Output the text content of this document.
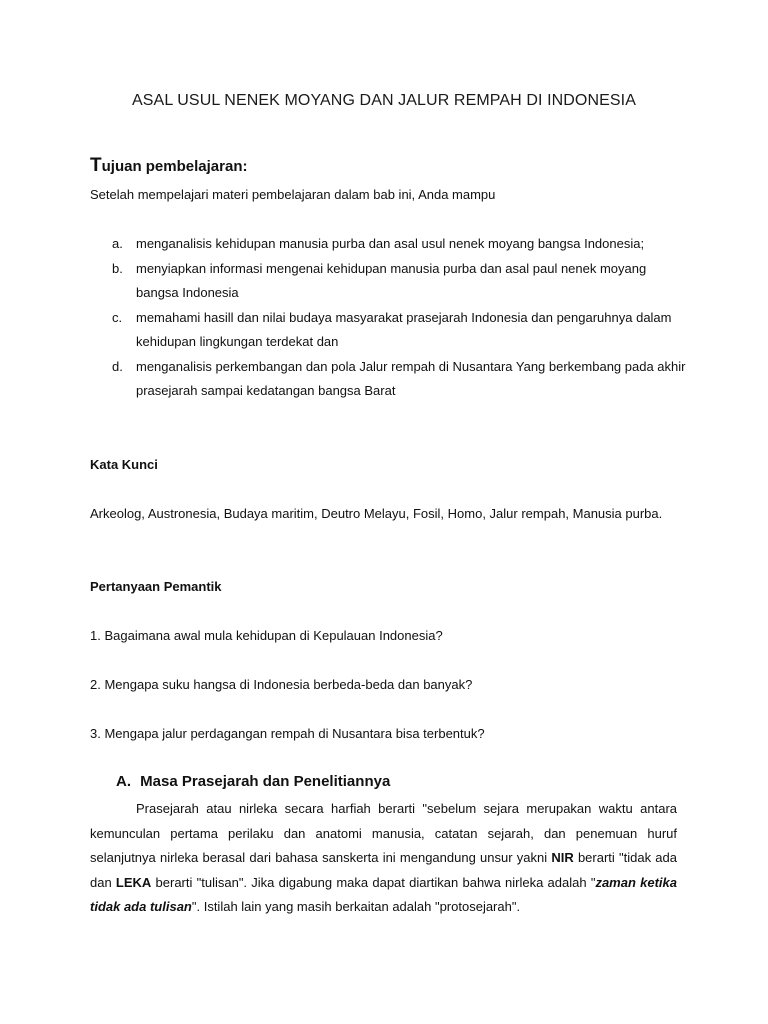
ASAL USUL NENEK MOYANG DAN JALUR REMPAH DI INDONESIA
Tujuan pembelajaran:
Setelah mempelajari materi pembelajaran dalam bab ini, Anda mampu
a. menganalisis kehidupan manusia purba dan asal usul nenek moyang bangsa Indonesia;
b. menyiapkan informasi mengenai kehidupan manusia purba dan asal paul nenek moyang bangsa Indonesia
c. memahami hasill dan nilai budaya masyarakat prasejarah Indonesia dan pengaruhnya dalam kehidupan lingkungan terdekat dan
d. menganalisis perkembangan dan pola Jalur rempah di Nusantara Yang berkembang pada akhir prasejarah sampai kedatangan bangsa Barat
Kata Kunci
Arkeolog, Austronesia, Budaya maritim, Deutro Melayu, Fosil, Homo, Jalur rempah, Manusia purba.
Pertanyaan Pemantik
1. Bagaimana awal mula kehidupan di Kepulauan Indonesia?
2. Mengapa suku hangsa di Indonesia berbeda-beda dan banyak?
3. Mengapa jalur perdagangan rempah di Nusantara bisa terbentuk?
A. Masa Prasejarah dan Penelitiannya

Prasejarah atau nirleka secara harfiah berarti "sebelum sejara merupakan waktu antara kemunculan pertama perilaku dan anatomi manusia, catatan sejarah, dan penemuan huruf selanjutnya nirleka berasal dari bahasa sanskerta ini mengandung unsur yakni NIR berarti "tidak ada dan LEKA berarti "tulisan". Jika digabung maka dapat diartikan bahwa nirleka adalah "zaman ketika tidak ada tulisan". Istilah lain yang masih berkaitan adalah "protosejarah".
